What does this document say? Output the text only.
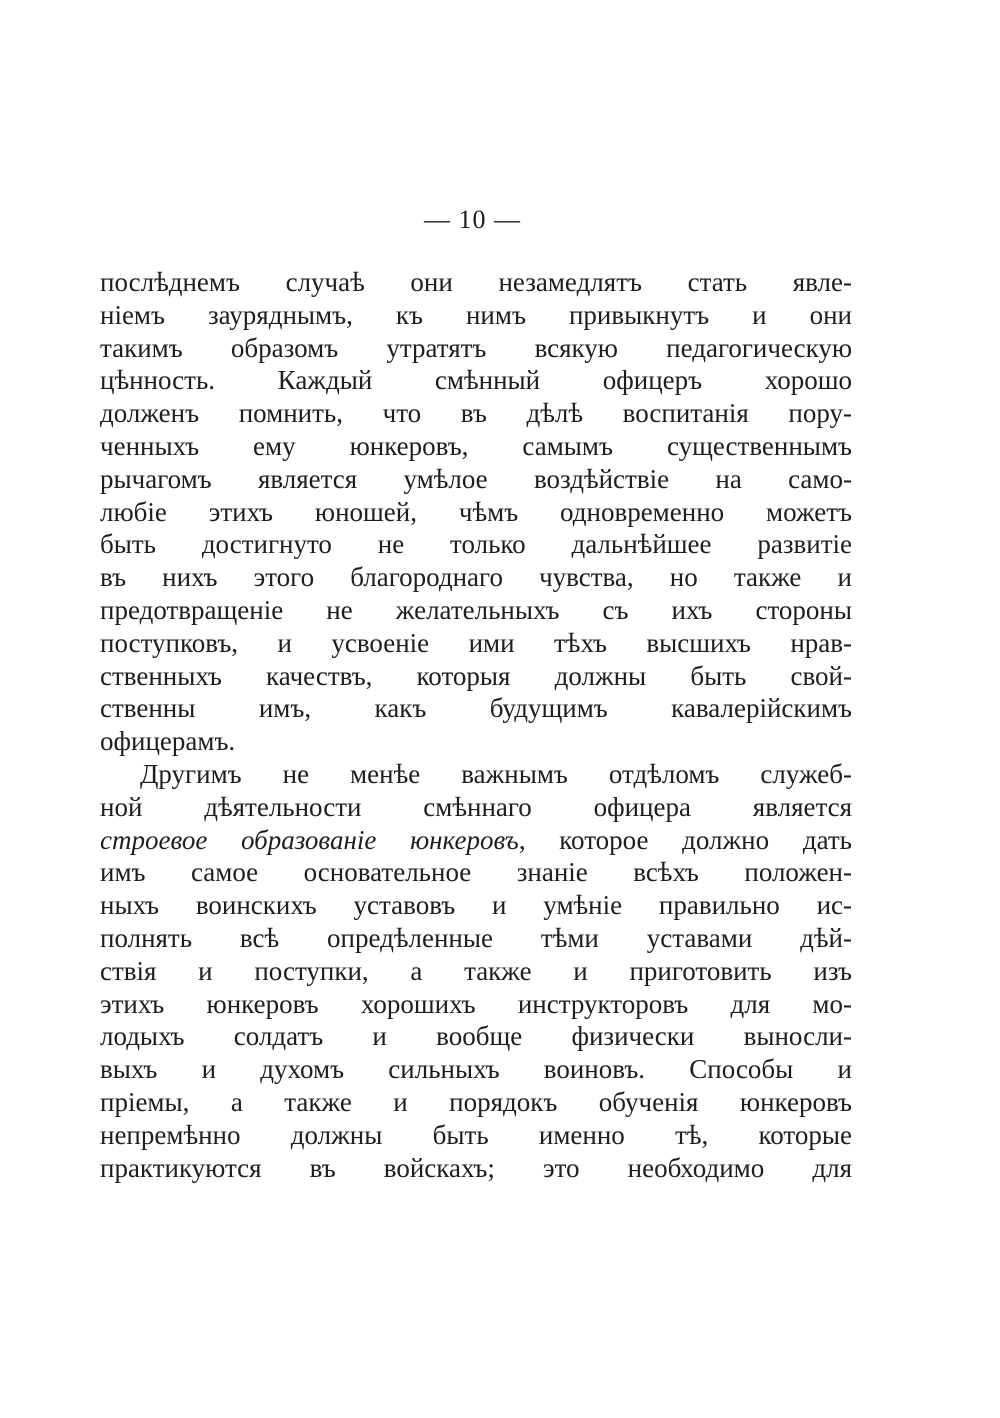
— 10 —
послѣднемъ случаѣ они незамедлятъ стать явле-
ніемъ зауряднымъ, къ нимъ привыкнутъ и они
такимъ образомъ утратятъ всякую педагогическую
цѣнность. Каждый смѣнный офицеръ хорошо
долженъ помнить, что въ дѣлѣ воспитанія пору-
ченныхъ ему юнкеровъ, самымъ существеннымъ
рычагомъ является умѣлое воздѣйствіе на само-
любіе этихъ юношей, чѣмъ одновременно можетъ
быть достигнуто не только дальнѣйшее развитіе
въ нихъ этого благороднаго чувства, но также и
предотвращеніе не желательныхъ съ ихъ стороны
поступковъ, и усвоеніе ими тѣхъ высшихъ нрав-
ственныхъ качествъ, которыя должны быть свой-
ственны имъ, какъ будущимъ кавалерійскимъ
офицерамъ.
Другимъ не менѣе важнымъ отдѣломъ служеб-
ной дѣятельности смѣннаго офицера является
строевое образованіе юнкеровъ, которое должно дать
имъ самое основательное знаніе всѣхъ положен-
ныхъ воинскихъ уставовъ и умѣніе правильно ис-
полнять всѣ опредѣленные тѣми уставами дѣй-
ствія и поступки, а также и приготовить изъ
этихъ юнкеровъ хорошихъ инструкторовъ для мо-
лодыхъ солдатъ и вообще физически выносли-
выхъ и духомъ сильныхъ воиновъ. Способы и
пріемы, а также и порядокъ обученія юнкеровъ
непремѣнно должны быть именно тѣ, которые
практикуются въ войскахъ; это необходимо для
